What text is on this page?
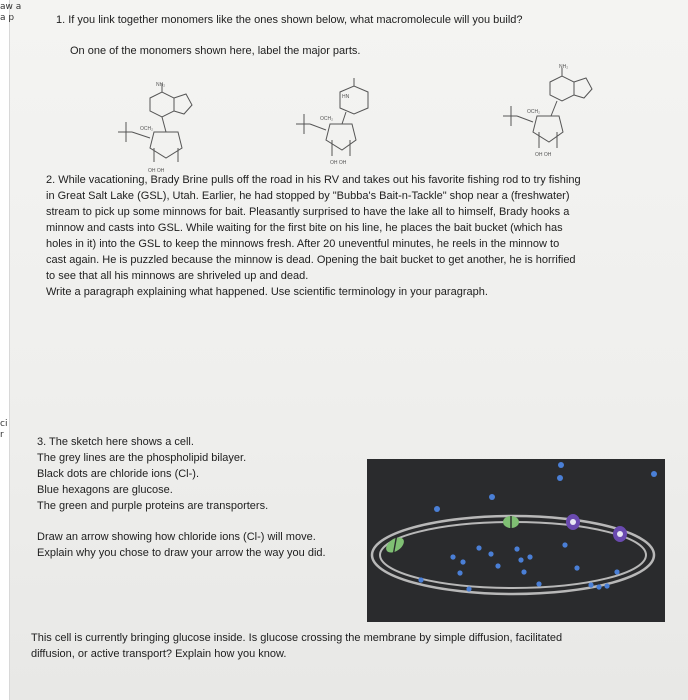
aw a
a p
ci
r
1. If you link together monomers like the ones shown below, what macromolecule will you build?
On one of the monomers shown here, label the major parts.
NH₂
OCH₂
OH OH
HN
OCH₂
OH OH
NH₂
OCH₂
OH OH
2. While vacationing, Brady Brine pulls off the road in his RV and takes out his favorite fishing rod to try fishing
in Great Salt Lake (GSL), Utah. Earlier, he had stopped by "Bubba's Bait-n-Tackle" shop near a (freshwater)
stream to pick up some minnows for bait. Pleasantly surprised to have the lake all to himself, Brady hooks a
minnow and casts into GSL. While waiting for the first bite on his line, he places the bait bucket (which has
holes in it) into the GSL to keep the minnows fresh. After 20 uneventful minutes, he reels in the minnow to
cast again. He is puzzled because the minnow is dead. Opening the bait bucket to get another, he is horrified
to see that all his minnows are shriveled up and dead.
Write a paragraph explaining what happened. Use scientific terminology in your paragraph.
3. The sketch here shows a cell.
The grey lines are the phospholipid bilayer.
Black dots are chloride ions (Cl-).
Blue hexagons are glucose.
The green and purple proteins are transporters.
Draw an arrow showing how chloride ions (Cl-) will move.
Explain why you chose to draw your arrow the way you did.
This cell is currently bringing glucose inside. Is glucose crossing the membrane by simple diffusion, facilitated
diffusion, or active transport? Explain how you know.
